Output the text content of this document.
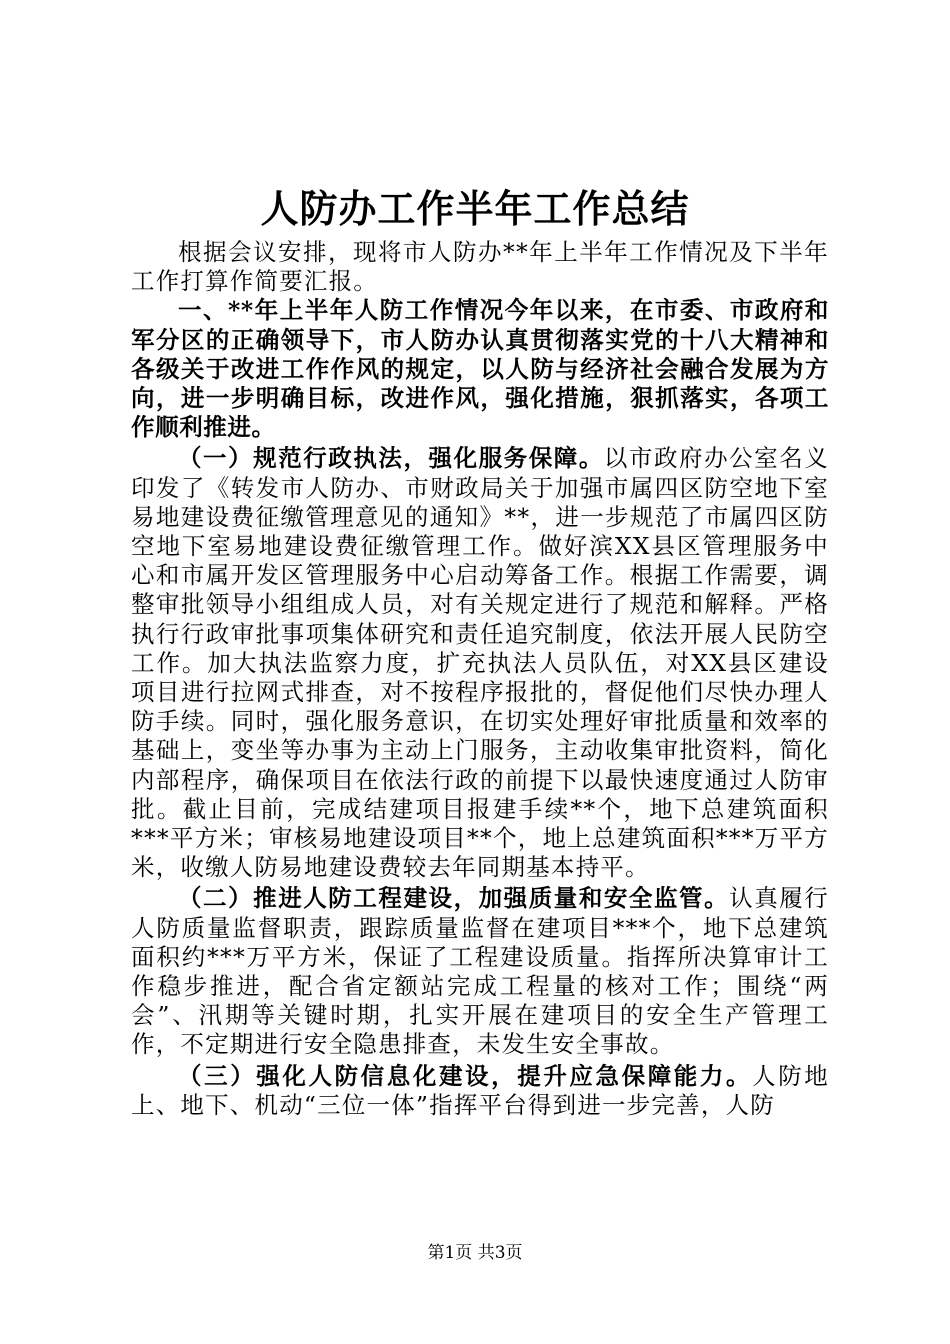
人防办工作半年工作总结

根据会议安排，现将市人防办**年上半年工作情况及下半年工作打算作简要汇报。

一、**年上半年人防工作情况今年以来，在市委、市政府和军分区的正确领导下，市人防办认真贯彻落实党的十八大精神和各级关于改进工作作风的规定，以人防与经济社会融合发展为方向，进一步明确目标，改进作风，强化措施，狠抓落实，各项工作顺利推进。

（一）规范行政执法，强化服务保障。以市政府办公室名义印发了《转发市人防办、市财政局关于加强市属四区防空地下室易地建设费征缴管理意见的通知》**，进一步规范了市属四区防空地下室易地建设费征缴管理工作。做好滨XX县区管理服务中心和市属开发区管理服务中心启动筹备工作。根据工作需要，调整审批领导小组组成人员，对有关规定进行了规范和解释。严格执行行政审批事项集体研究和责任追究制度，依法开展人民防空工作。加大执法监察力度，扩充执法人员队伍，对XX县区建设项目进行拉网式排查，对不按程序报批的，督促他们尽快办理人防手续。同时，强化服务意识，在切实处理好审批质量和效率的基础上，变坐等办事为主动上门服务，主动收集审批资料，简化内部程序，确保项目在依法行政的前提下以最快速度通过人防审批。截止目前，完成结建项目报建手续**个，地下总建筑面积***平方米；审核易地建设项目**个，地上总建筑面积***万平方米，收缴人防易地建设费较去年同期基本持平。

（二）推进人防工程建设，加强质量和安全监管。认真履行人防质量监督职责，跟踪质量监督在建项目***个，地下总建筑面积约***万平方米，保证了工程建设质量。指挥所决算审计工作稳步推进，配合省定额站完成工程量的核对工作；围绕“两会”、汛期等关键时期，扎实开展在建项目的安全生产管理工作，不定期进行安全隐患排查，未发生安全事故。

（三）强化人防信息化建设，提升应急保障能力。人防地上、地下、机动“三位一体”指挥平台得到进一步完善，人防

第1页 共3页
